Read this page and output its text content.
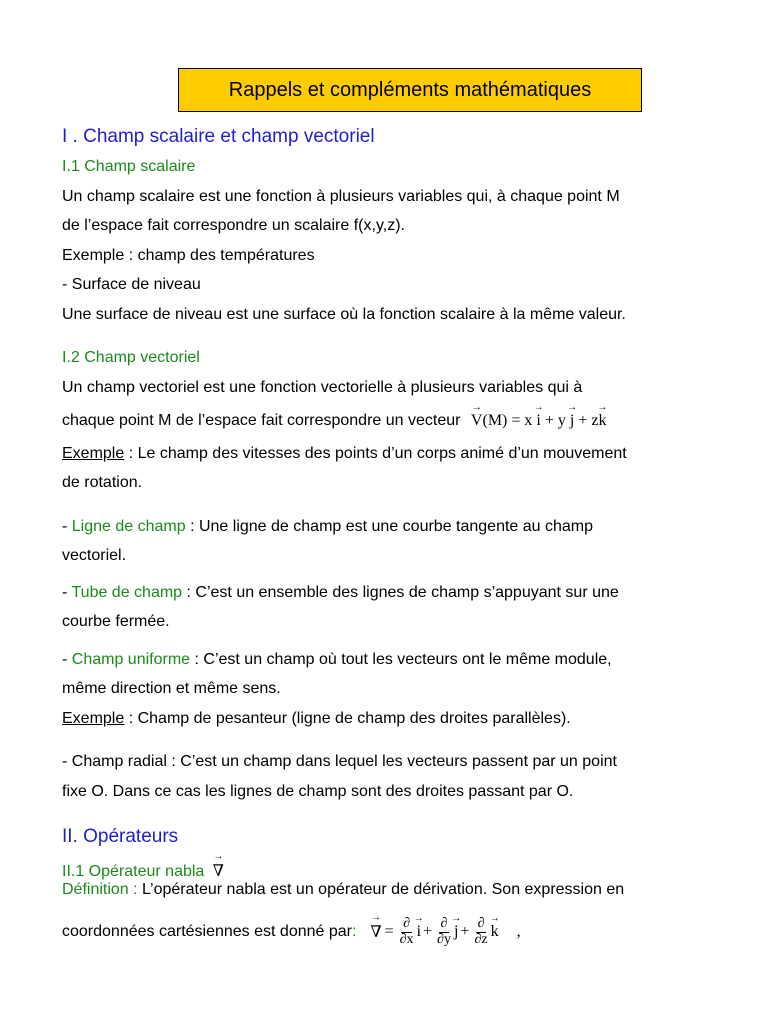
Rappels et compléments mathématiques
I . Champ scalaire et champ vectoriel
I.1 Champ scalaire
Un champ scalaire est une fonction à plusieurs variables qui, à chaque point M
de l’espace fait correspondre un scalaire f(x,y,z).
Exemple : champ des températures
- Surface de niveau
Une surface de niveau est une surface où la fonction scalaire à la même valeur.
I.2 Champ vectoriel
Un champ vectoriel est une fonction vectorielle à plusieurs variables qui à
chaque point M de l’espace fait correspondre un vecteur → V(M) = x → i + y → j + z→ k
Exemple : Le champ des vitesses des points d’un corps animé d’un mouvement
de rotation.
- Ligne de champ : Une ligne de champ est une courbe tangente au champ
vectoriel.
- Tube de champ : C’est un ensemble des lignes de champ s’appuyant sur une
courbe fermée.
- Champ uniforme : C’est un champ où tout les vecteurs ont le même module,
même direction et même sens.
Exemple : Champ de pesanteur (ligne de champ des droites parallèles).
- Champ radial : C’est un champ dans lequel les vecteurs passent par un point
fixe O. Dans ce cas les lignes de champ sont des droites passant par O.
II. Opérateurs
II.1 Opérateur nabla → ∇
Définition : L’opérateur nabla est un opérateur de dérivation. Son expression en
coordonnées cartésiennes est donné par :
→ ∇ = $\frac{\partial}{\partial x}$
→ $i + \frac{\partial}{\partial y}$
→ $j + \frac{\partial}{\partial z}$
→ k ,
